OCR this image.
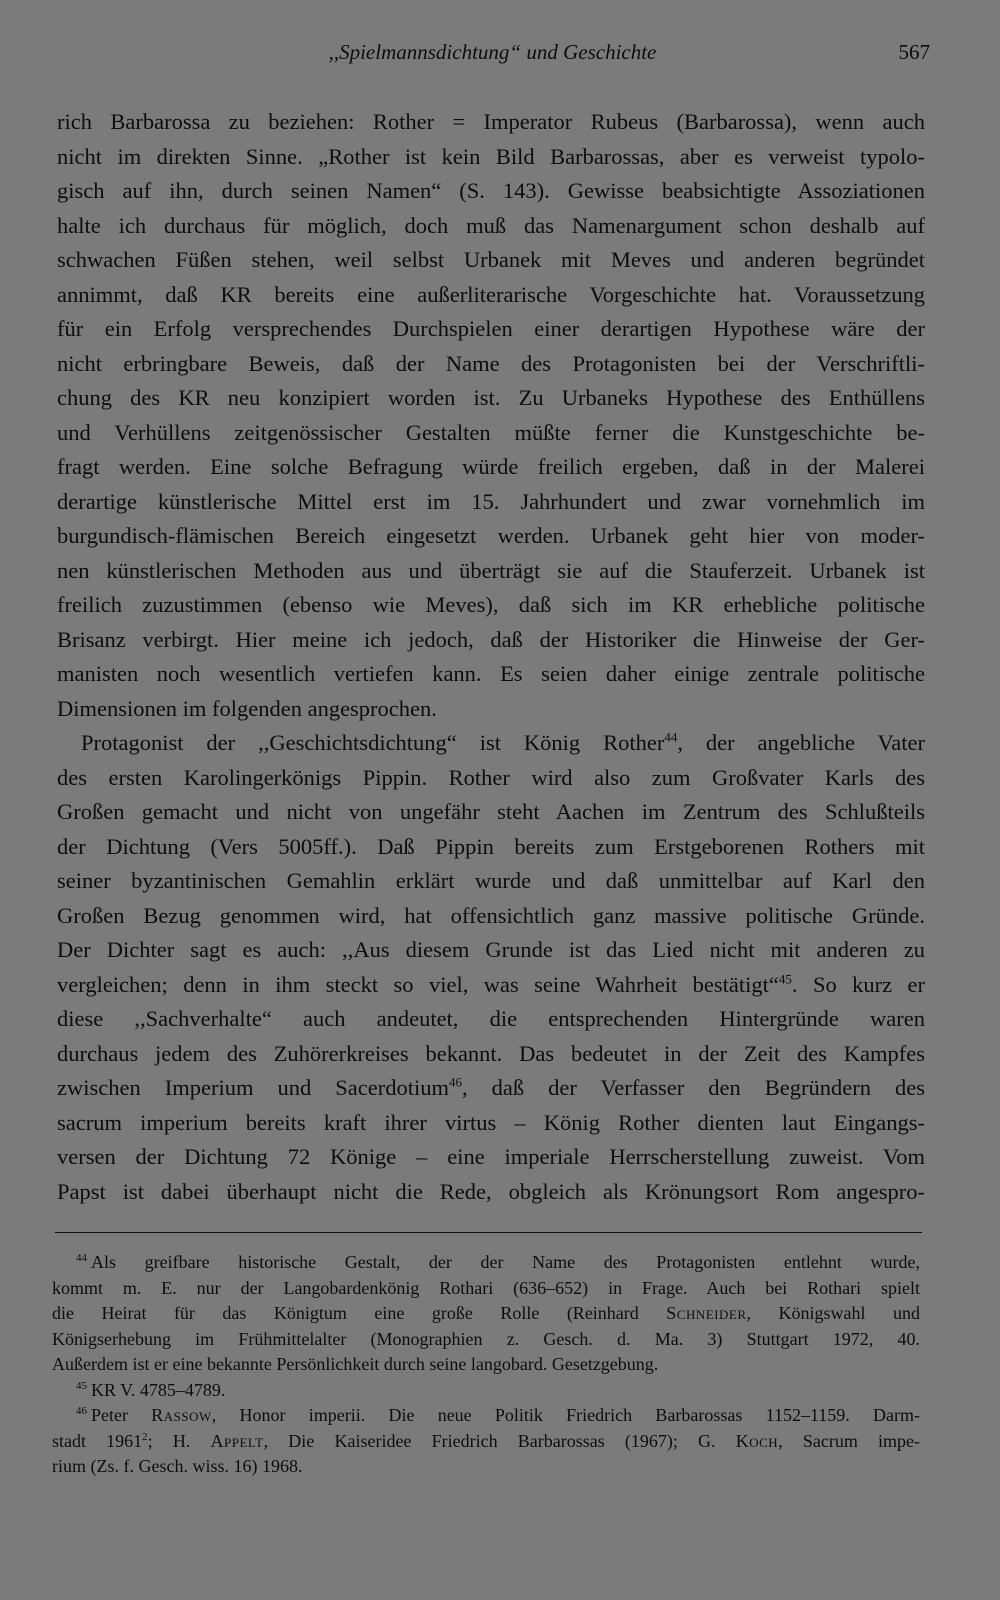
,,Spielmannsdichtung“ und Geschichte	567
rich Barbarossa zu beziehen: Rother = Imperator Rubeus (Barbarossa), wenn auch
nicht im direkten Sinne. „Rother ist kein Bild Barbarossas, aber es verweist typolo-
gisch auf ihn, durch seinen Namen“ (S. 143). Gewisse beabsichtigte Assoziationen
halte ich durchaus für möglich, doch muß das Namenargument schon deshalb auf
schwachen Füßen stehen, weil selbst Urbanek mit Meves und anderen begründet
annimmt, daß KR bereits eine außerliterarische Vorgeschichte hat. Voraussetzung
für ein Erfolg versprechendes Durchspielen einer derartigen Hypothese wäre der
nicht erbringbare Beweis, daß der Name des Protagonisten bei der Verschriftli-
chung des KR neu konzipiert worden ist. Zu Urbaneks Hypothese des Enthüllens
und Verhüllens zeitgenössischer Gestalten müßte ferner die Kunstgeschichte be-
fragt werden. Eine solche Befragung würde freilich ergeben, daß in der Malerei
derartige künstlerische Mittel erst im 15. Jahrhundert und zwar vornehmlich im
burgundisch-flämischen Bereich eingesetzt werden. Urbanek geht hier von moder-
nen künstlerischen Methoden aus und überträgt sie auf die Stauferzeit. Urbanek ist
freilich zuzustimmen (ebenso wie Meves), daß sich im KR erhebliche politische
Brisanz verbirgt. Hier meine ich jedoch, daß der Historiker die Hinweise der Ger-
manisten noch wesentlich vertiefen kann. Es seien daher einige zentrale politische
Dimensionen im folgenden angesprochen.
Protagonist der ,,Geschichtsdichtung“ ist König Rother$^{44}$, der angebliche Vater
des ersten Karolingerkönigs Pippin. Rother wird also zum Großvater Karls des
Großen gemacht und nicht von ungefähr steht Aachen im Zentrum des Schlußteils
der Dichtung (Vers 5005ff.). Daß Pippin bereits zum Erstgeborenen Rothers mit
seiner byzantinischen Gemahlin erklärt wurde und daß unmittelbar auf Karl den
Großen Bezug genommen wird, hat offensichtlich ganz massive politische Gründe.
Der Dichter sagt es auch: ,,Aus diesem Grunde ist das Lied nicht mit anderen zu
vergleichen; denn in ihm steckt so viel, was seine Wahrheit bestätigt“$^{45}$. So kurz er
diese ,,Sachverhalte“ auch andeutet, die entsprechenden Hintergründe waren
durchaus jedem des Zuhörerkreises bekannt. Das bedeutet in der Zeit des Kampfes
zwischen Imperium und Sacerdotium$^{46}$, daß der Verfasser den Begründern des
sacrum imperium bereits kraft ihrer virtus – König Rother dienten laut Eingangs-
versen der Dichtung 72 Könige – eine imperiale Herrscherstellung zuweist. Vom
Papst ist dabei überhaupt nicht die Rede, obgleich als Krönungsort Rom angespro-
$^{44}$ Als greifbare historische Gestalt, der der Name des Protagonisten entlehnt wurde,
kommt m. E. nur der Langobardenkönig Rothari (636–652) in Frage. Auch bei Rothari spielt
die Heirat für das Königtum eine große Rolle (Reinhard Schneider, Königswahl und
Königserhebung im Frühmittelalter (Monographien z. Gesch. d. Ma. 3) Stuttgart 1972, 40.
Außerdem ist er eine bekannte Persönlichkeit durch seine langobard. Gesetzgebung.
$^{45}$ KR V. 4785–4789.
$^{46}$ Peter Rassow, Honor imperii. Die neue Politik Friedrich Barbarossas 1152–1159. Darm-
stadt 1961$^2$; H. Appelt, Die Kaiseridee Friedrich Barbarossas (1967); G. Koch, Sacrum impe-
rium (Zs. f. Gesch. wiss. 16) 1968.
